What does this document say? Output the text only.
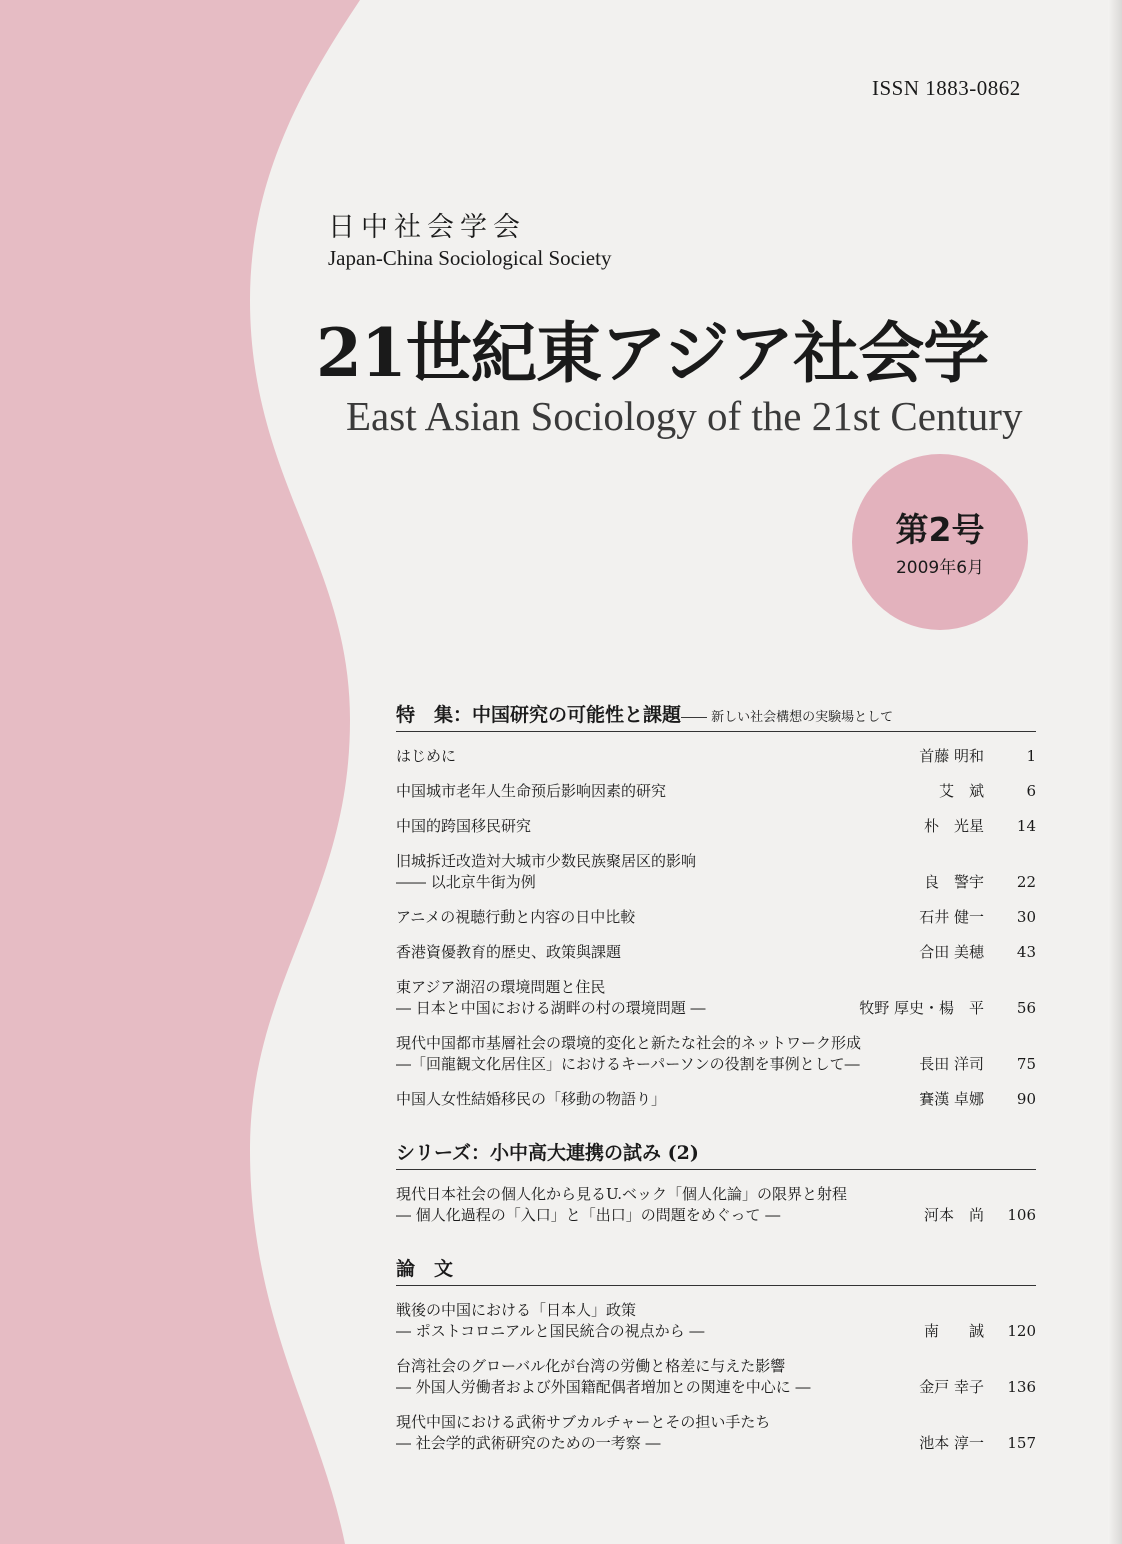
ISSN 1883-0862
日中社会学会
Japan-China Sociological Society
21世紀東アジア社会学
East Asian Sociology of the 21st Century
第2号
2009年6月
特　集：中国研究の可能性と課題―― 新しい社会構想の実験場として
はじめに	首藤 明和	1
中国城市老年人生命预后影响因素的研究	艾　斌	6
中国的跨国移民研究	朴　光星	14
旧城拆迁改造対大城市少数民族聚居区的影响
―― 以北京牛街为例	良　警宇	22
アニメの視聴行動と内容の日中比較	石井 健一	30
香港資優教育的歴史、政策與課題	合田 美穂	43
東アジア湖沼の環境問題と住民
― 日本と中国における湖畔の村の環境問題 ―	牧野 厚史・楊　平	56
現代中国都市基層社会の環境的変化と新たな社会的ネットワーク形成
―「回龍観文化居住区」におけるキーパーソンの役割を事例として―	長田 洋司	75
中国人女性結婚移民の「移動の物語り」	賽漢 卓娜	90
シリーズ：小中高大連携の試み (2)
現代日本社会の個人化から見るU.ベック「個人化論」の限界と射程
― 個人化過程の「入口」と「出口」の問題をめぐって ―	河本　尚	106
論　文
戦後の中国における「日本人」政策
― ポストコロニアルと国民統合の視点から ―	南　　誠	120
台湾社会のグローバル化が台湾の労働と格差に与えた影響
― 外国人労働者および外国籍配偶者増加との関連を中心に ―	金戸 幸子	136
現代中国における武術サブカルチャーとその担い手たち
― 社会学的武術研究のための一考察 ―	池本 淳一	157
